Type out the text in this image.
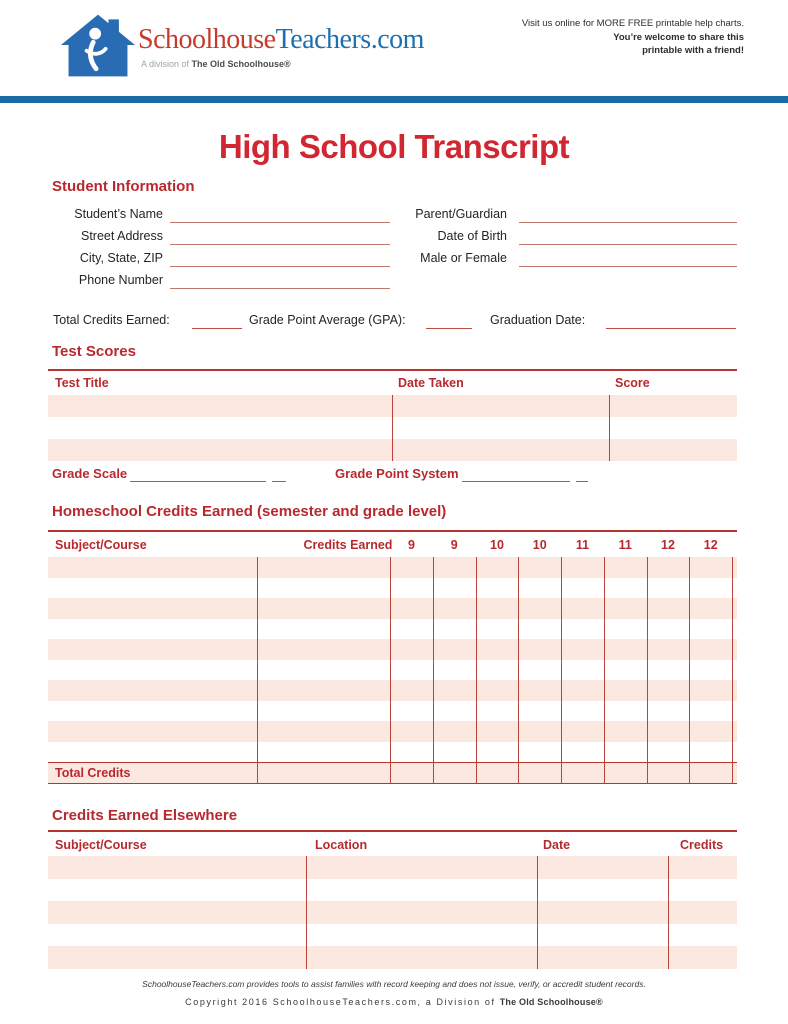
SchoolhouseTeachers.com
A division of The Old Schoolhouse®
Visit us online for MORE FREE printable help charts.
You’re welcome to share this
printable with a friend!
High School Transcript
Student Information
Student’s Name
Street Address
City, State, ZIP
Phone Number
Parent/Guardian
Date of Birth
Male or Female
Total Credits Earned:	Grade Point Average (GPA):	Graduation Date:
Test Scores
Test Title	Date Taken	Score
Grade Scale	Grade Point System
Homeschool Credits Earned (semester and grade level)
Subject/Course	Credits Earned	9	9	10	10	11	11	12	12
Total Credits
Credits Earned Elsewhere
Subject/Course	Location	Date	Credits
SchoolhouseTeachers.com provides tools to assist families with record keeping and does not issue, verify, or accredit student records.
Copyright 2016 SchoolhouseTeachers.com, a Division of The Old Schoolhouse®
